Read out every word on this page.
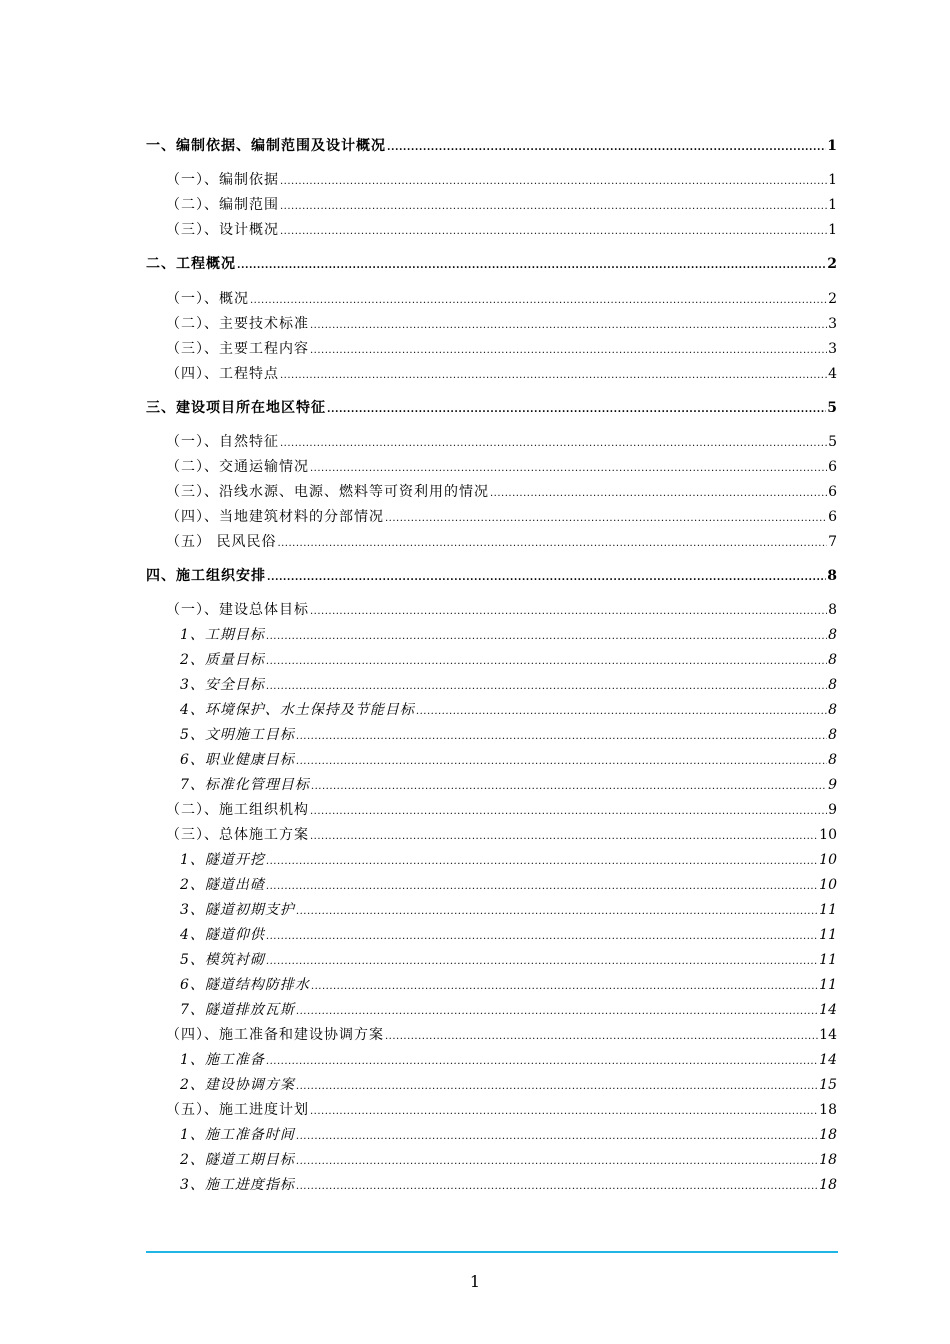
一、编制依据、编制范围及设计概况 .....	1
（一）、编制依据 .....	1
（二）、编制范围 .....	1
（三）、设计概况 .....	1
二、工程概况 .....	2
（一）、概况 .....	2
（二）、主要技术标准 .....	3
（三）、主要工程内容 .....	3
（四）、工程特点 .....	4
三、建设项目所在地区特征 .....	5
（一）、自然特征 .....	5
（二）、交通运输情况 .....	6
（三）、沿线水源、电源、燃料等可资利用的情况 .....	6
（四）、当地建筑材料的分部情况 .....	6
（五） 民风民俗 .....	7
四、施工组织安排 .....	8
（一）、建设总体目标 .....	8
1、工期目标 .....	8
2、质量目标 .....	8
3、安全目标 .....	8
4、环境保护、水土保持及节能目标 .....	8
5、文明施工目标 .....	8
6、职业健康目标 .....	8
7、标准化管理目标 .....	9
（二）、施工组织机构 .....	9
（三）、总体施工方案 .....	10
1、隧道开挖 .....	10
2、隧道出碴 .....	10
3、隧道初期支护 .....	11
4、隧道仰供 .....	11
5、模筑衬砌 .....	11
6、隧道结构防排水 .....	11
7、隧道排放瓦斯 .....	14
（四）、施工准备和建设协调方案 .....	14
1、施工准备 .....	14
2、建设协调方案 .....	15
（五）、施工进度计划 .....	18
1、施工准备时间 .....	18
2、隧道工期目标 .....	18
3、施工进度指标 .....	18
1
